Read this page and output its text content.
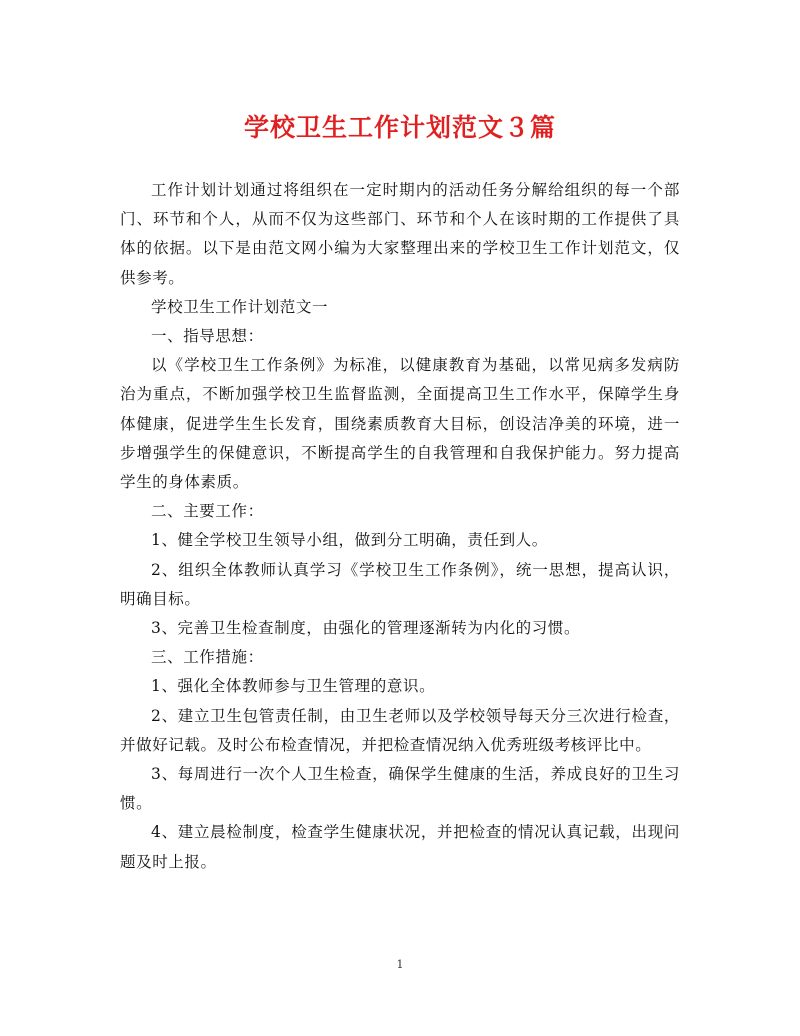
学校卫生工作计划范文３篇

工作计划计划通过将组织在一定时期内的活动任务分解给组织的每一个部门、环节和个人，从而不仅为这些部门、环节和个人在该时期的工作提供了具体的依据。以下是由范文网小编为大家整理出来的学校卫生工作计划范文，仅供参考。

学校卫生工作计划范文一

一、指导思想：

以《学校卫生工作条例》为标准，以健康教育为基础，以常见病多发病防治为重点，不断加强学校卫生监督监测，全面提高卫生工作水平，保障学生身体健康，促进学生生长发育，围绕素质教育大目标，创设洁净美的环境，进一步增强学生的保健意识，不断提高学生的自我管理和自我保护能力。努力提高学生的身体素质。

二、主要工作：

1、健全学校卫生领导小组，做到分工明确，责任到人。

2、组织全体教师认真学习《学校卫生工作条例》，统一思想，提高认识，明确目标。

3、完善卫生检查制度，由强化的管理逐渐转为内化的习惯。

三、工作措施：

1、强化全体教师参与卫生管理的意识。

2、建立卫生包管责任制，由卫生老师以及学校领导每天分三次进行检查，并做好记载。及时公布检查情况，并把检查情况纳入优秀班级考核评比中。

3、每周进行一次个人卫生检查，确保学生健康的生活，养成良好的卫生习惯。

4、建立晨检制度，检查学生健康状况，并把检查的情况认真记载，出现问题及时上报。

1
